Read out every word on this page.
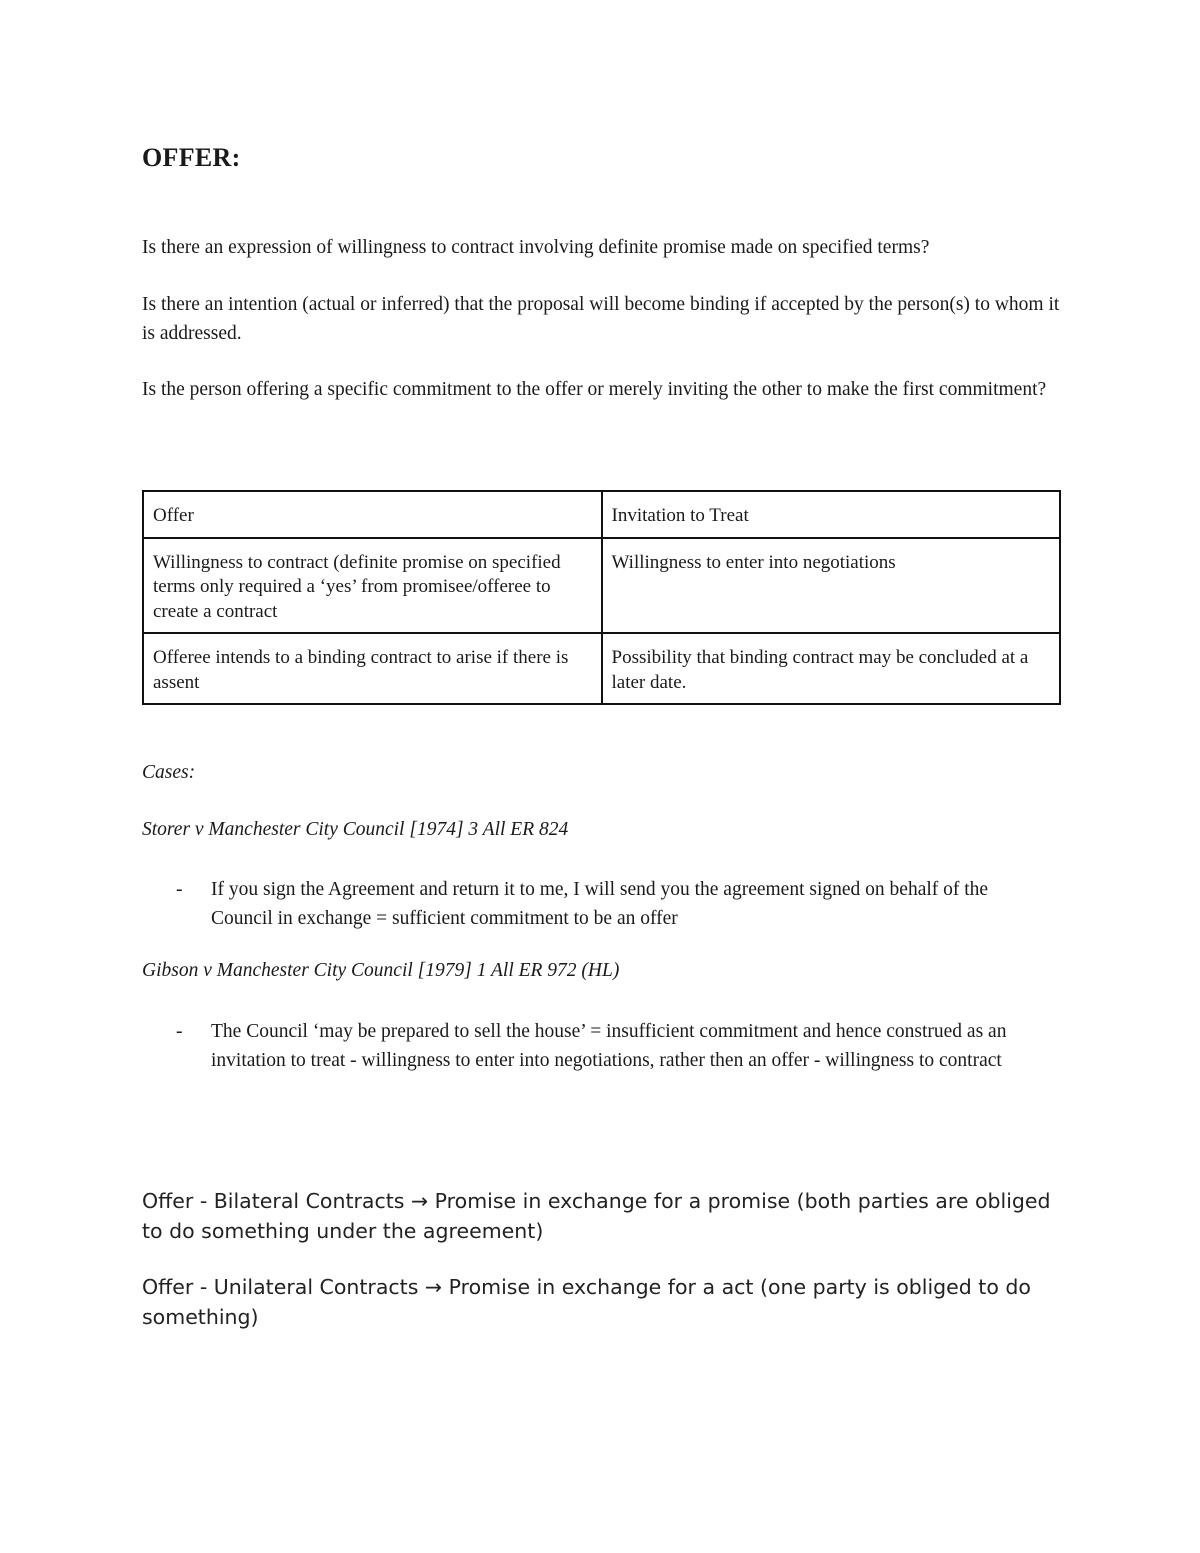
OFFER:
Is there an expression of willingness to contract involving definite promise made on specified terms?
Is there an intention (actual or inferred) that the proposal will become binding if accepted by the person(s) to whom it is addressed.
Is the person offering a specific commitment to the offer or merely inviting the other to make the first commitment?
Offer	Invitation to Treat
Willingness to contract (definite promise on specified terms only required a ‘yes’ from promisee/offeree to create a contract	Willingness to enter into negotiations
Offeree intends to a binding contract to arise if there is assent	Possibility that binding contract may be concluded at a later date.
Cases:
Storer v Manchester City Council [1974] 3 All ER 824
- If you sign the Agreement and return it to me, I will send you the agreement signed on behalf of the Council in exchange = sufficient commitment to be an offer
Gibson v Manchester City Council [1979] 1 All ER 972 (HL)
- The Council ‘may be prepared to sell the house’ = insufficient commitment and hence construed as an invitation to treat - willingness to enter into negotiations, rather then an offer - willingness to contract
Offer - Bilateral Contracts → Promise in exchange for a promise (both parties are obliged to do something under the agreement)
Offer - Unilateral Contracts → Promise in exchange for a act (one party is obliged to do something)
